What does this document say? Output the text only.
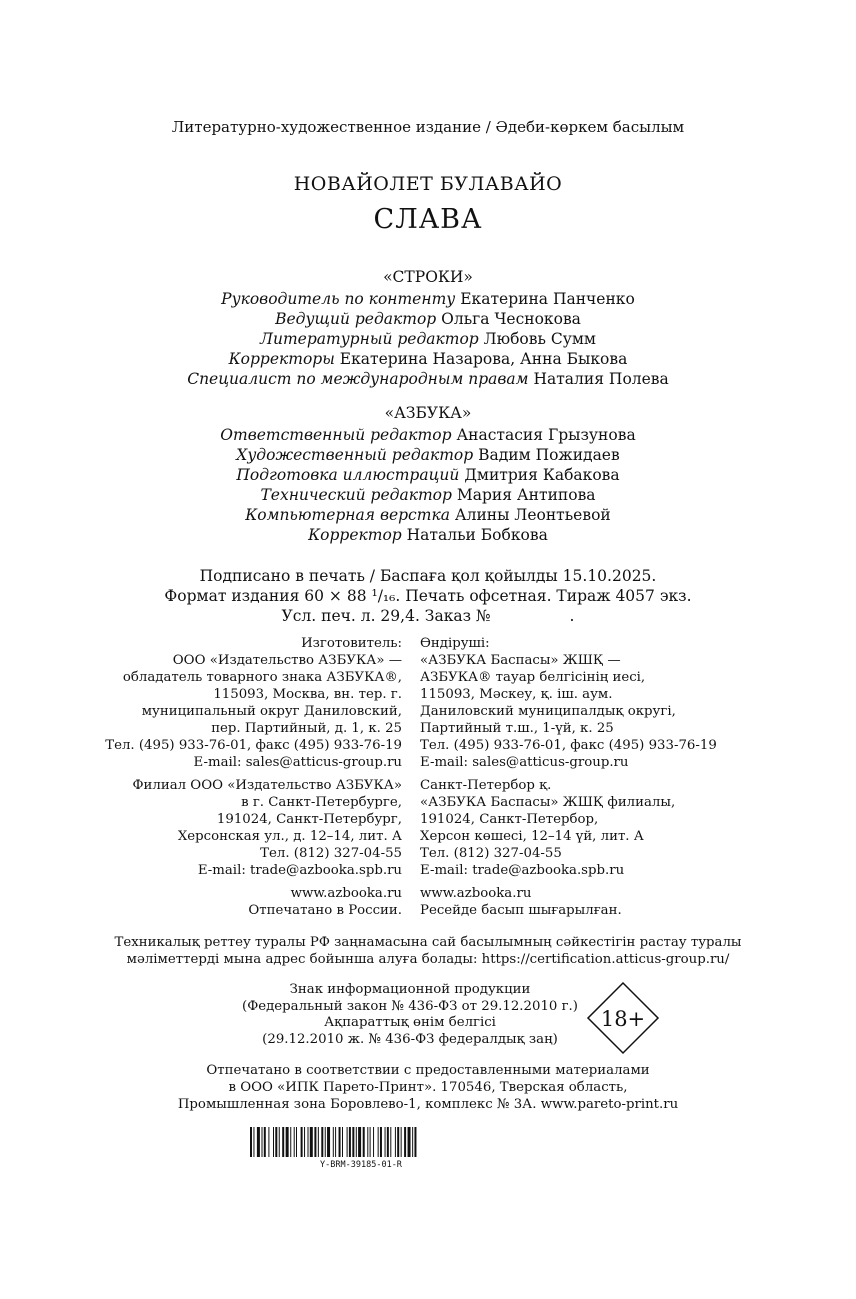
Литературно-художественное издание / Әдеби-көркем басылым
НОВАЙОЛЕТ БУЛАВАЙО
СЛАВА
«СТРОКИ»
Руководитель по контенту Екатерина Панченко
Ведущий редактор Ольга Чеснокова
Литературный редактор Любовь Сумм
Корректоры Екатерина Назарова, Анна Быкова
Специалист по международным правам Наталия Полева
«АЗБУКА»
Ответственный редактор Анастасия Грызунова
Художественный редактор Вадим Пожидаев
Подготовка иллюстраций Дмитрия Кабакова
Технический редактор Мария Антипова
Компьютерная верстка Алины Леонтьевой
Корректор Натальи Бобкова
Подписано в печать / Баспаға қол қойылды 15.10.2025.
Формат издания 60 × 88 ¹/₁₆. Печать офсетная. Тираж 4057 экз.
Усл. печ. л. 29,4. Заказ №                .
Изготовитель:
ООО «Издательство АЗБУКА» —
обладатель товарного знака АЗБУКА®,
115093, Москва, вн. тер. г.
муниципальный округ Даниловский,
пер. Партийный, д. 1, к. 25
Тел. (495) 933-76-01, факс (495) 933-76-19
E-mail: sales@atticus-group.ru
Филиал ООО «Издательство АЗБУКА»
в г. Санкт-Петербурге,
191024, Санкт-Петербург,
Херсонская ул., д. 12–14, лит. А
Тел. (812) 327-04-55
E-mail: trade@azbooka.spb.ru
www.azbooka.ru
Отпечатано в России.
Өндіруші:
«АЗБУКА Баспасы» ЖШҚ —
АЗБУКА® тауар белгісінің иесі,
115093, Мәскеу, қ. іш. аум.
Даниловский муниципалдық округі,
Партийный т.ш., 1-үй, к. 25
Тел. (495) 933-76-01, факс (495) 933-76-19
E-mail: sales@atticus-group.ru
Санкт-Петербор қ.
«АЗБУКА Баспасы» ЖШҚ филиалы,
191024, Санкт-Петербор,
Херсон көшесі, 12–14 үй, лит. А
Тел. (812) 327-04-55
E-mail: trade@azbooka.spb.ru
www.azbooka.ru
Ресейде басып шығарылған.
Техникалық реттеу туралы РФ заңнамасына сай басылымның сәйкестігін растау туралы
мәліметтерді мына адрес бойынша алуға болады: https://certification.atticus-group.ru/
Знак информационной продукции
(Федеральный закон № 436-ФЗ от 29.12.2010 г.)
Ақпараттық өнім белгісі
(29.12.2010 ж. № 436-ФЗ федералдық заң)
18+
Отпечатано в соответствии с предоставленными материалами
в ООО «ИПК Парето-Принт». 170546, Тверская область,
Промышленная зона Боровлево-1, комплекс № 3А. www.pareto-print.ru
Y-BRM-39185-01-R
